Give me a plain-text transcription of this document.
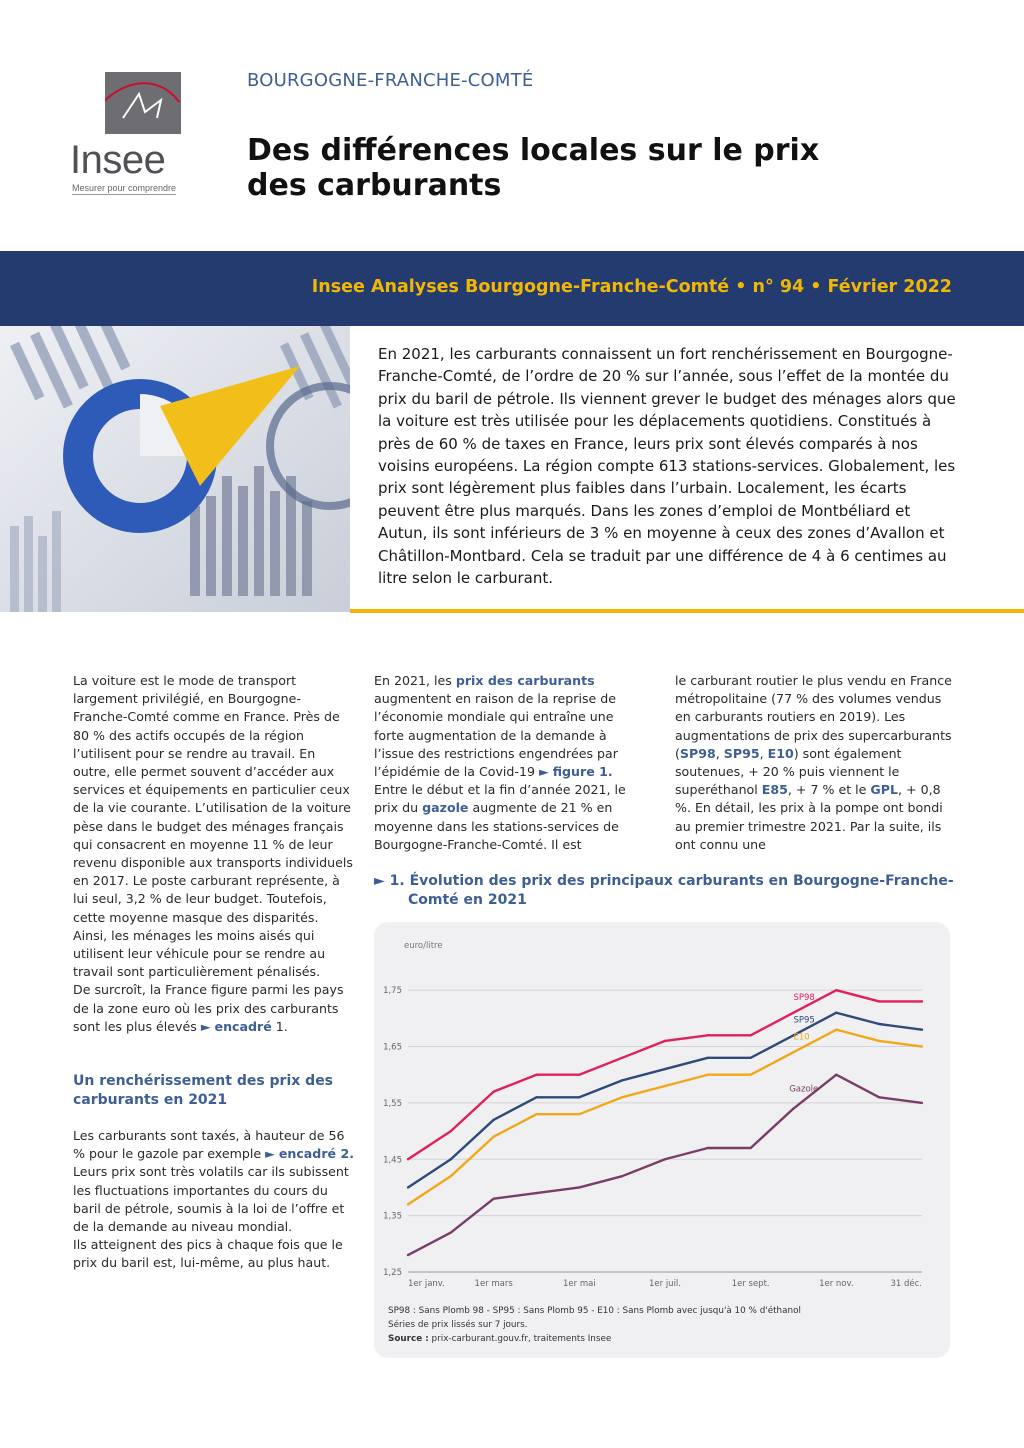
Insee
Mesurer pour comprendre
BOURGOGNE-FRANCHE-COMTÉ
Des différences locales sur le prix
des carburants
Insee Analyses Bourgogne-Franche-Comté • n° 94 • Février 2022

En 2021, les carburants connaissent un fort renchérissement en Bourgogne-Franche-Comté, de l’ordre de 20 % sur l’année, sous l’effet de la montée du prix du baril de pétrole. Ils viennent grever le budget des ménages alors que la voiture est très utilisée pour les déplacements quotidiens. Constitués à près de 60 % de taxes en France, leurs prix sont élevés comparés à nos voisins européens. La région compte 613 stations-services. Globalement, les prix sont légèrement plus faibles dans l’urbain. Localement, les écarts peuvent être plus marqués. Dans les zones d’emploi de Montbéliard et Autun, ils sont inférieurs de 3 % en moyenne à ceux des zones d’Avallon et Châtillon-Montbard. Cela se traduit par une différence de 4 à 6 centimes au litre selon le carburant.

La voiture est le mode de transport largement privilégié, en Bourgogne-Franche-Comté comme en France. Près de 80 % des actifs occupés de la région l’utilisent pour se rendre au travail. En outre, elle permet souvent d’accéder aux services et équipements en particulier ceux de la vie courante. L’utilisation de la voiture pèse dans le budget des ménages français qui consacrent en moyenne 11 % de leur revenu disponible aux transports individuels en 2017. Le poste carburant représente, à lui seul, 3,2 % de leur budget. Toutefois, cette moyenne masque des disparités. Ainsi, les ménages les moins aisés qui utilisent leur véhicule pour se rendre au travail sont particulièrement pénalisés.

De surcroît, la France figure parmi les pays de la zone euro où les prix des carburants sont les plus élevés ► encadré 1.

Un renchérissement des prix des carburants en 2021

Les carburants sont taxés, à hauteur de 56 % pour le gazole par exemple ► encadré 2. Leurs prix sont très volatils car ils subissent les fluctuations importantes du cours du baril de pétrole, soumis à la loi de l’offre et de la demande au niveau mondial.

Ils atteignent des pics à chaque fois que le prix du baril est, lui-même, au plus haut.

En 2021, les prix des carburants augmentent en raison de la reprise de l’économie mondiale qui entraîne une forte augmentation de la demande à l’issue des restrictions engendrées par l’épidémie de la Covid-19 ► figure 1. Entre le début et la fin d’année 2021, le prix du gazole augmente de 21 % en moyenne dans les stations-services de Bourgogne-Franche-Comté. Il est

le carburant routier le plus vendu en France métropolitaine (77 % des volumes vendus en carburants routiers en 2019). Les augmentations de prix des supercarburants (SP98, SP95, E10) sont également soutenues, + 20 % puis viennent le superéthanol E85, + 7 % et le GPL, + 0,8 %. En détail, les prix à la pompe ont bondi au premier trimestre 2021. Par la suite, ils ont connu une

► 1. Évolution des prix des principaux carburants en Bourgogne-Franche-
Comté en 2021
euro/litre
1,25
1,35
1,45
1,55
1,65
1,75
1er janv.	1er mars	1er mai	1er juil.	1er sept.	1er nov.	31 déc.
SP98
SP95
E10
Gazole
SP98 : Sans Plomb 98 - SP95 : Sans Plomb 95 - E10 : Sans Plomb avec jusqu'à 10 % d'éthanol
Séries de prix lissés sur 7 jours.
Source : prix-carburant.gouv.fr, traitements Insee
